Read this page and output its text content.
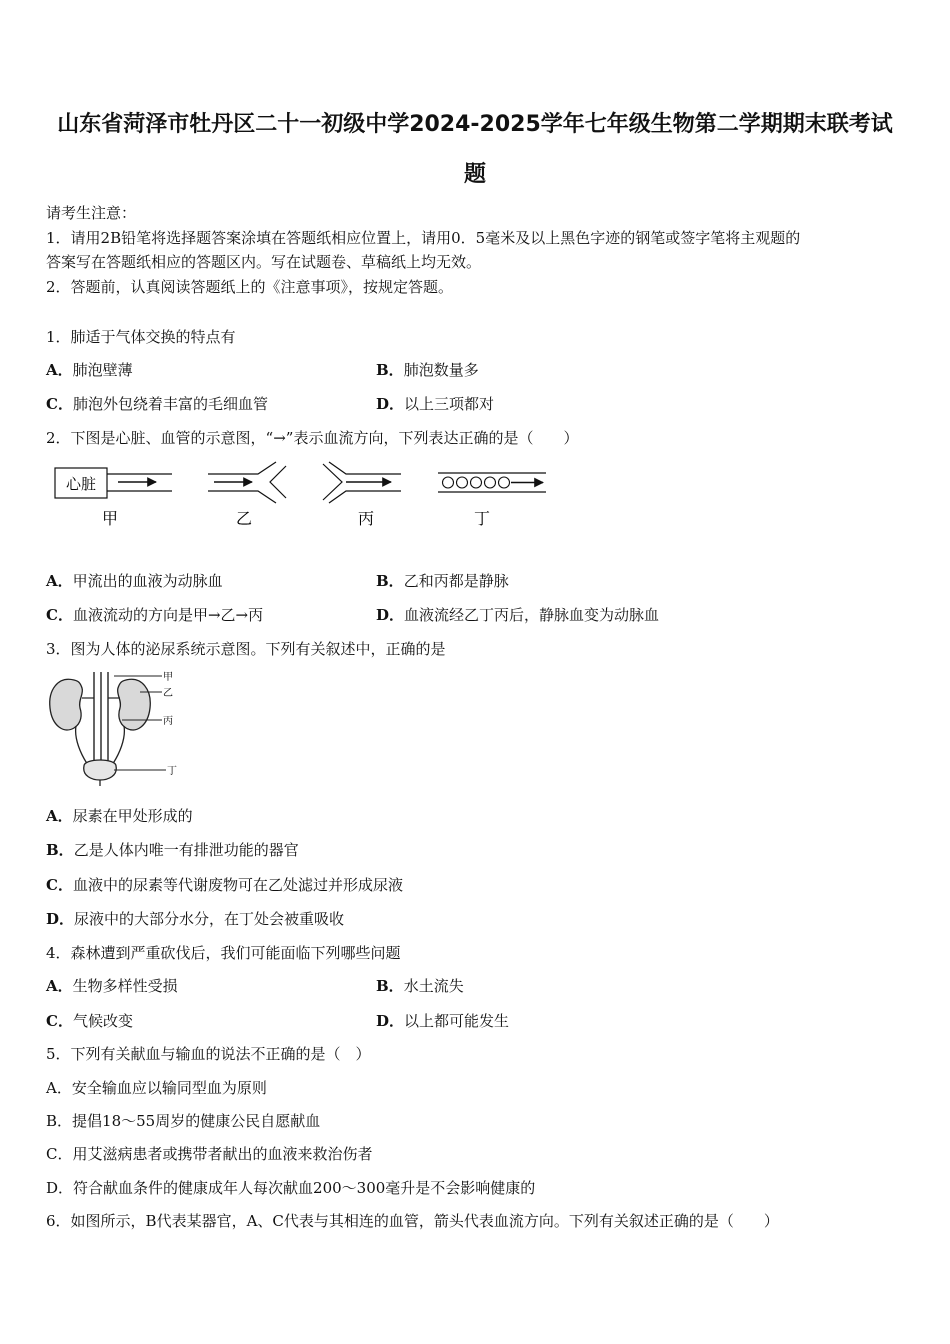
山东省菏泽市牡丹区二十一初级中学2024-2025学年七年级生物第二学期期末联考试
题
请考生注意：
1．请用2B铅笔将选择题答案涂填在答题纸相应位置上，请用0．5毫米及以上黑色字迹的钢笔或签字笔将主观题的
答案写在答题纸相应的答题区内。写在试题卷、草稿纸上均无效。
2．答题前，认真阅读答题纸上的《注意事项》，按规定答题。
1．肺适于气体交换的特点有
A．肺泡壁薄	B．肺泡数量多
C．肺泡外包绕着丰富的毛细血管	D．以上三项都对
2．下图是心脏、血管的示意图，“→”表示血流方向，下列表达正确的是（　　）
心脏
甲	乙	丙	丁
A．甲流出的血液为动脉血	B．乙和丙都是静脉
C．血液流动的方向是甲→乙→丙	D．血液流经乙丁丙后，静脉血变为动脉血
3．图为人体的泌尿系统示意图。下列有关叙述中，正确的是
甲
乙
丙
丁
A．尿素在甲处形成的
B．乙是人体内唯一有排泄功能的器官
C．血液中的尿素等代谢废物可在乙处滤过并形成尿液
D．尿液中的大部分水分，在丁处会被重吸收
4．森林遭到严重砍伐后，我们可能面临下列哪些问题
A．生物多样性受损	B．水土流失
C．气候改变	D．以上都可能发生
5．下列有关献血与输血的说法不正确的是（　）
A．安全输血应以输同型血为原则
B．提倡18～55周岁的健康公民自愿献血
C．用艾滋病患者或携带者献出的血液来救治伤者
D．符合献血条件的健康成年人每次献血200～300毫升是不会影响健康的
6．如图所示，B代表某器官，A、C代表与其相连的血管，箭头代表血流方向。下列有关叙述正确的是（　　）
